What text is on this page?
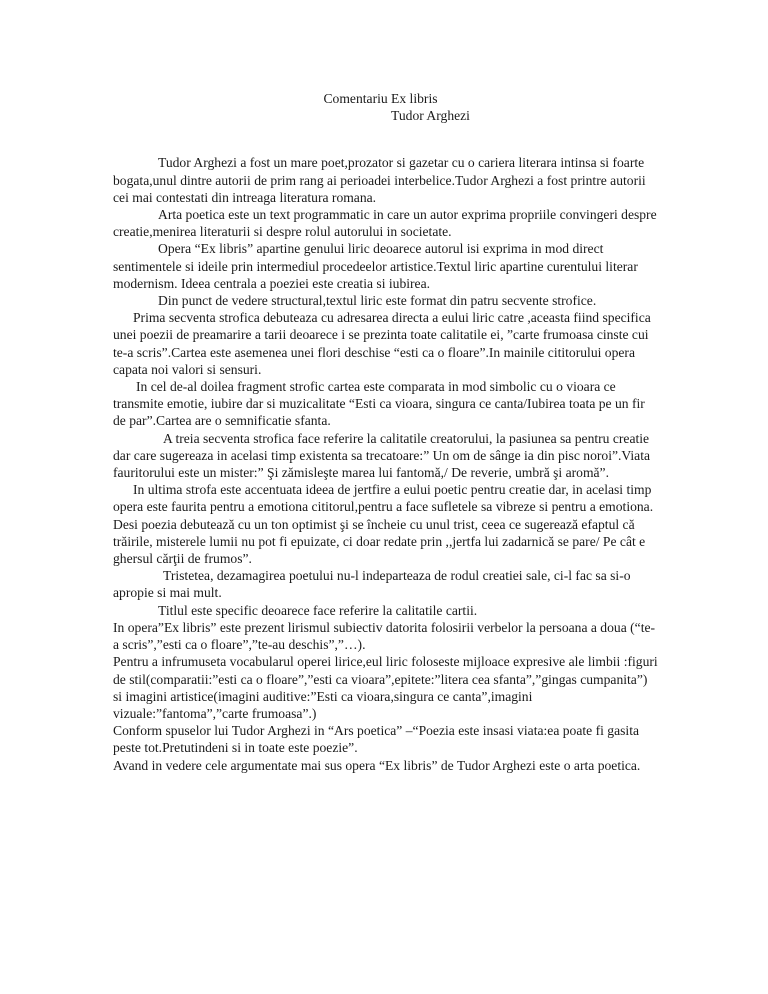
Comentariu Ex libris

Tudor Arghezi

Tudor Arghezi a fost un mare poet,prozator si gazetar cu o cariera literara intinsa si foarte bogata,unul dintre autorii de prim rang ai perioadei interbelice.Tudor Arghezi a fost printre autorii cei mai contestati din intreaga literatura romana.

Arta poetica este un text programmatic in care un autor exprima propriile convingeri despre creatie,menirea literaturii si despre rolul autorului in societate.

Opera “Ex libris” apartine genului liric deoarece autorul isi exprima in mod direct sentimentele si ideile prin intermediul procedeelor artistice.Textul liric apartine curentului literar modernism. Ideea centrala a poeziei este creatia si iubirea.

Din punct de vedere structural,textul liric este format din patru secvente strofice.

Prima secventa strofica debuteaza cu adresarea directa a eului liric catre ,aceasta fiind specifica unei poezii de preamarire a tarii deoarece i se prezinta toate calitatile ei, ”carte frumoasa cinste cui te-a scris”.Cartea este asemenea unei flori deschise “esti ca o floare”.In mainile cititorului opera capata noi valori si sensuri.

In cel de-al doilea fragment strofic cartea este comparata in mod simbolic cu o vioara ce transmite emotie, iubire dar si muzicalitate “Esti ca vioara, singura ce canta/Iubirea toata pe un fir de par”.Cartea are o semnificatie sfanta.

A treia secventa strofica face referire la calitatile creatorului, la pasiunea sa pentru creatie dar care sugereaza in acelasi timp existenta sa trecatoare:” Un om de sânge ia din pisc noroi”.Viata fauritorului este un mister:” Şi zămisleşte marea lui fantomă,/ De reverie, umbră şi aromă”.

In ultima strofa este accentuata ideea de jertfire a eului poetic pentru creatie dar, in acelasi timp opera este faurita pentru a emotiona cititorul,pentru a face sufletele sa vibreze si pentru a emotiona.

Desi poezia debutează cu un ton optimist şi se încheie cu unul trist, ceea ce sugerează efaptul că trăirile, misterele lumii nu pot fi epuizate, ci doar redate prin ,,jertfa lui zadarnică se pare/ Pe cât e ghersul cărţii de frumos”.

Tristetea, dezamagirea poetului nu-l indeparteaza de rodul creatiei sale, ci-l fac sa si-o apropie si mai mult.

Titlul este specific deoarece face referire la calitatile cartii.

In opera”Ex libris” este prezent lirismul subiectiv datorita folosirii verbelor la persoana a doua (“te-a scris”,”esti ca o floare”,”te-au deschis”,”…).

Pentru a infrumuseta vocabularul operei lirice,eul liric foloseste mijloace expresive ale limbii :figuri de stil(comparatii:”esti ca o floare”,”esti ca vioara”,epitete:”litera cea sfanta”,”gingas cumpanita”) si imagini artistice(imagini auditive:”Esti ca vioara,singura ce canta”,imagini vizuale:”fantoma”,”carte frumoasa”.)

Conform spuselor lui Tudor Arghezi in “Ars poetica” –“Poezia este insasi viata:ea poate fi gasita peste tot.Pretutindeni si in toate este poezie”.

Avand in vedere cele argumentate mai sus opera “Ex libris” de Tudor Arghezi este o arta poetica.
